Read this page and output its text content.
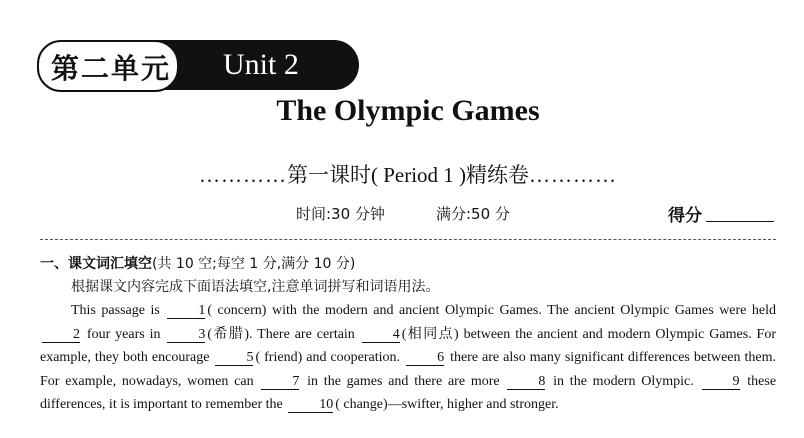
第二单元 Unit 2
The Olympic Games
…………第一课时( Period 1 )精练卷…………
时间:30 分钟	满分:50 分	得分
一、课文词汇填空(共 10 空;每空 1 分,满分 10 分)
根据课文内容完成下面语法填空,注意单词拼写和词语用法。

This passage is	1 ( concern) with the modern and ancient Olympic Games. The ancient Olympic Games were held 2 four years in	3 (希腊). There are certain	4 (相同点) between the ancient and modern Olympic Games. For example, they both encourage	5 ( friend) and cooperation.	6 there are also many significant differences between them. For example, nowadays, women can	7 in the games and there are more	8 in the modern Olympic.	9 these differences, it is important to remember the	10 ( change)—swifter, higher and stronger.
